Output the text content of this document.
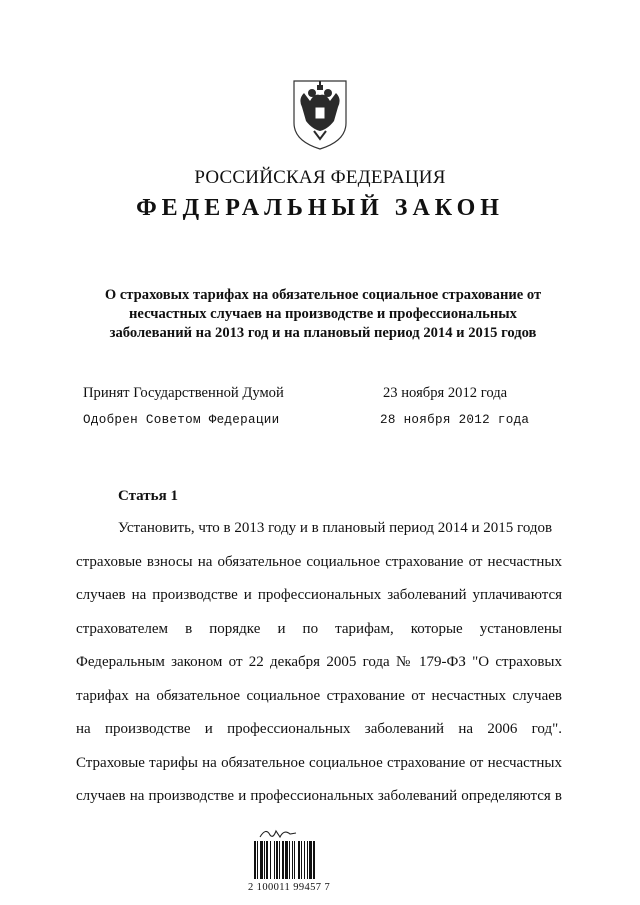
РОССИЙСКАЯ ФЕДЕРАЦИЯ
ФЕДЕРАЛЬНЫЙ ЗАКОН
О страховых тарифах на обязательное социальное страхование от
несчастных случаев на производстве и профессиональных
заболеваний на 2013 год и на плановый период 2014 и 2015 годов
Принят Государственной Думой	23 ноября 2012 года
Одобрен Советом Федерации	28 ноября 2012 года
Статья 1
Установить, что в 2013 году и в плановый период 2014 и 2015 годов
страховые взносы на обязательное социальное страхование от несчастных
случаев на производстве и профессиональных заболеваний уплачиваются
страхователем в порядке и по тарифам, которые установлены
Федеральным законом от 22 декабря 2005 года № 179-ФЗ "О страховых
тарифах на обязательное социальное страхование от несчастных случаев
на производстве и профессиональных заболеваний на 2006 год".
Страховые тарифы на обязательное социальное страхование от несчастных
случаев на производстве и профессиональных заболеваний определяются в
2 100011 99457 7
